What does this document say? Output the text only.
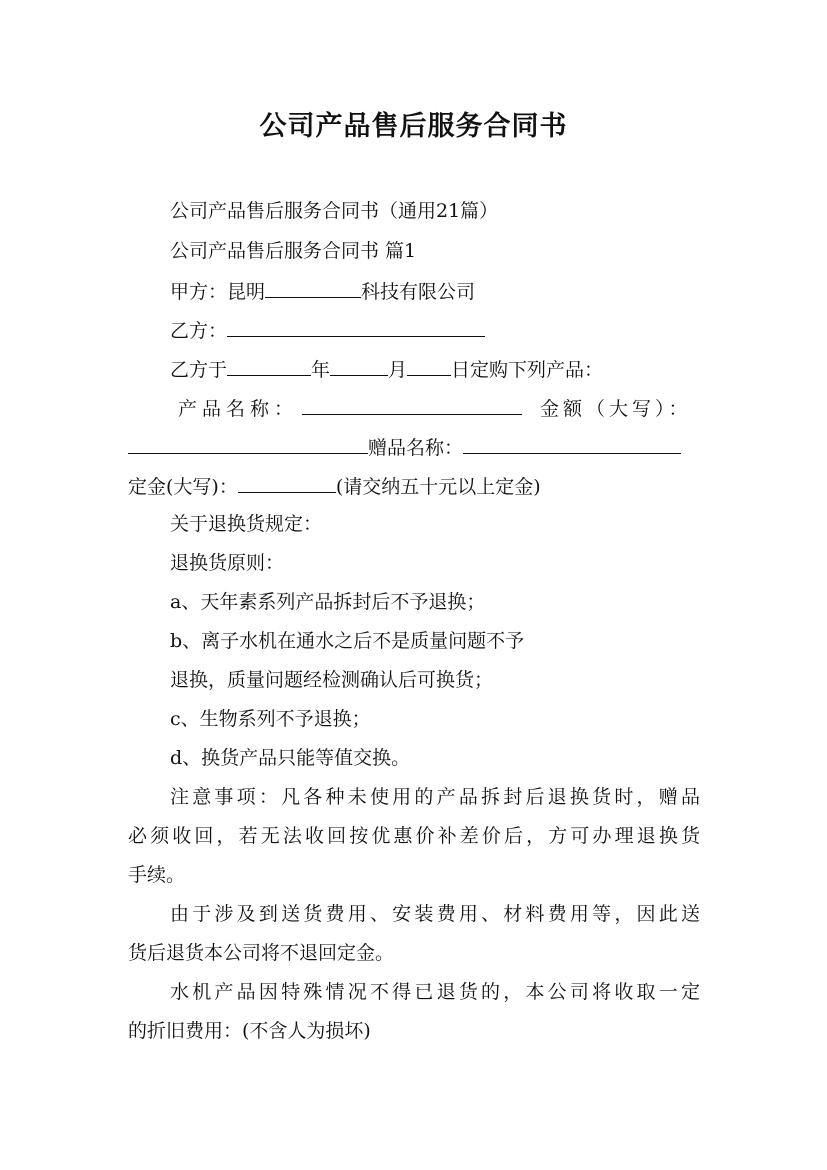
公司产品售后服务合同书
公司产品售后服务合同书（通用21篇）
公司产品售后服务合同书 篇1
甲方：昆明	科技有限公司
乙方：
乙方于	年	月 日定购下列产品：
产品名称：	金额（大写）：
赠品名称：
定金(大写)：	(请交纳五十元以上定金)
关于退换货规定：
退换货原则：
a、天年素系列产品拆封后不予退换；
b、离子水机在通水之后不是质量问题不予
退换，质量问题经检测确认后可换货；
c、生物系列不予退换；
d、换货产品只能等值交换。
注意事项：凡各种未使用的产品拆封后退换货时，赠品
必须收回，若无法收回按优惠价补差价后，方可办理退换货
手续。
由于涉及到送货费用、安装费用、材料费用等，因此送
货后退货本公司将不退回定金。
水机产品因特殊情况不得已退货的，本公司将收取一定
的折旧费用：(不含人为损坏)
